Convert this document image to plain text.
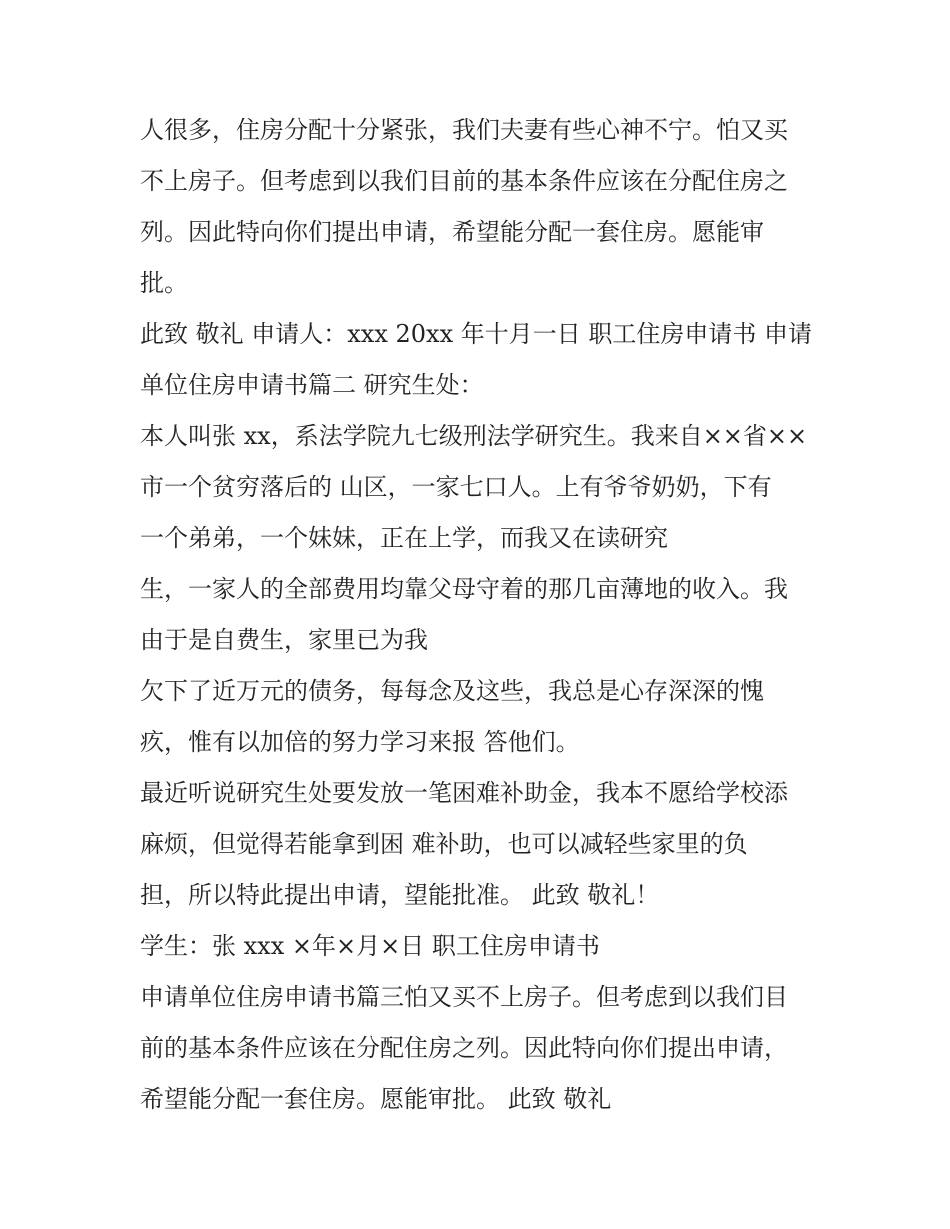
人很多，住房分配十分紧张，我们夫妻有些心神不宁。怕又买
不上房子。但考虑到以我们目前的基本条件应该在分配住房之
列。因此特向你们提出申请，希望能分配一套住房。愿能审
批。
此致 敬礼 申请人：xxx 20xx 年十月一日 职工住房申请书 申请
单位住房申请书篇二 研究生处：
本人叫张 xx，系法学院九七级刑法学研究生。我来自××省××
市一个贫穷落后的 山区，一家七口人。上有爷爷奶奶，下有
一个弟弟，一个妹妹，正在上学，而我又在读研究
生，一家人的全部费用均靠父母守着的那几亩薄地的收入。我
由于是自费生，家里已为我
欠下了近万元的债务，每每念及这些，我总是心存深深的愧
疚，惟有以加倍的努力学习来报 答他们。
最近听说研究生处要发放一笔困难补助金，我本不愿给学校添
麻烦，但觉得若能拿到困 难补助，也可以减轻些家里的负
担，所以特此提出申请，望能批准。 此致 敬礼！
学生：张 xxx ×年×月×日 职工住房申请书
申请单位住房申请书篇三怕又买不上房子。但考虑到以我们目
前的基本条件应该在分配住房之列。因此特向你们提出申请，
希望能分配一套住房。愿能审批。 此致 敬礼
